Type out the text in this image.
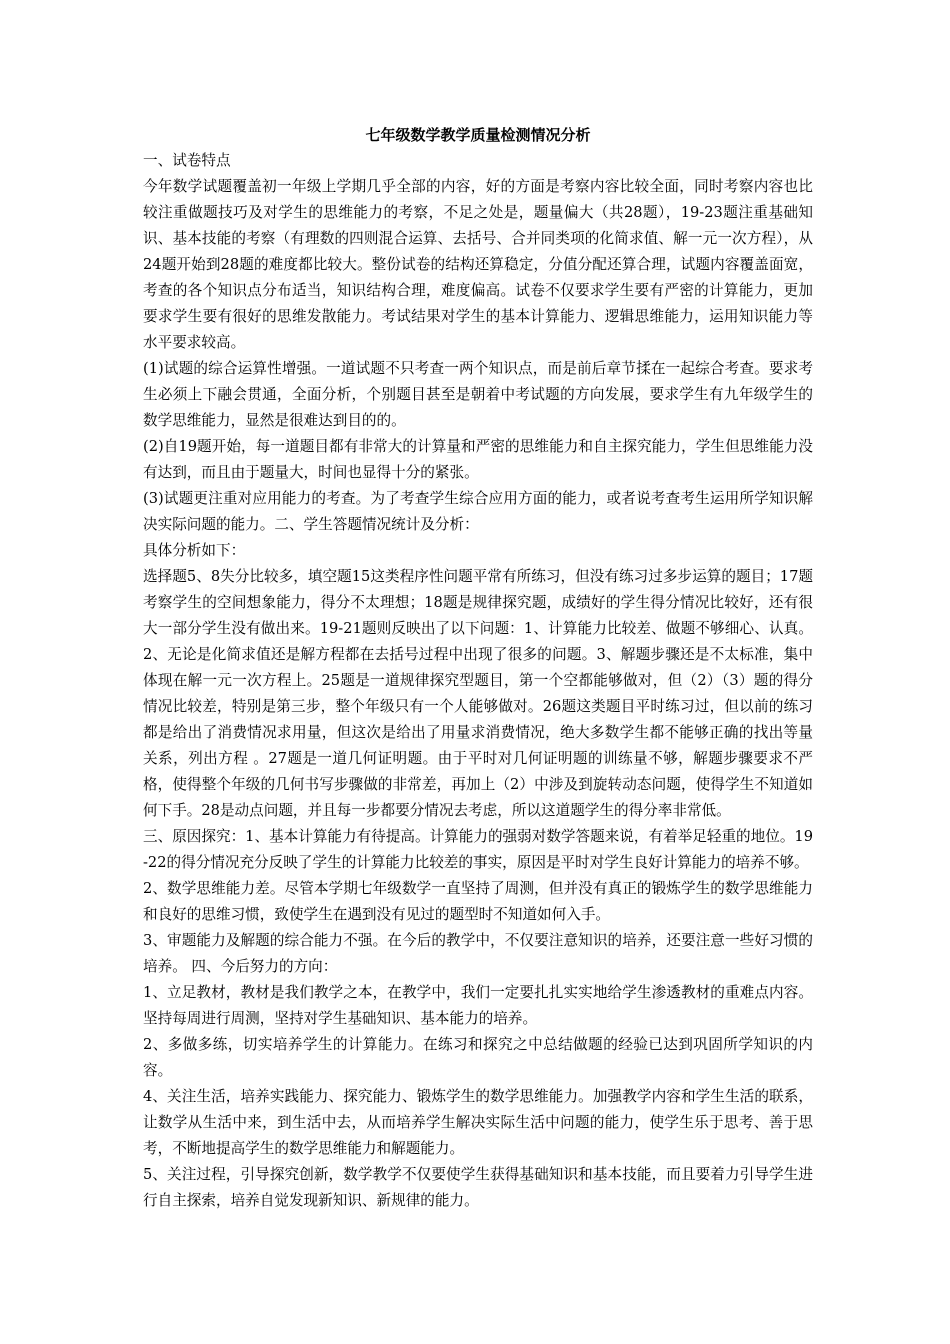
七年级数学教学质量检测情况分析

一、试卷特点

今年数学试题覆盖初一年级上学期几乎全部的内容，好的方面是考察内容比较全面，同时考察内容也比较注重做题技巧及对学生的思维能力的考察，不足之处是，题量偏大（共28题），19-23题注重基础知识、基本技能的考察（有理数的四则混合运算、去括号、合并同类项的化简求值、解一元一次方程），从24题开始到28题的难度都比较大。整份试卷的结构还算稳定，分值分配还算合理，试题内容覆盖面宽，考查的各个知识点分布适当，知识结构合理，难度偏高。试卷不仅要求学生要有严密的计算能力，更加要求学生要有很好的思维发散能力。考试结果对学生的基本计算能力、逻辑思维能力，运用知识能力等水平要求较高。

(1)试题的综合运算性增强。一道试题不只考查一两个知识点，而是前后章节揉在一起综合考查。要求考生必须上下融会贯通，全面分析，个别题目甚至是朝着中考试题的方向发展，要求学生有九年级学生的数学思维能力，显然是很难达到目的的。

(2)自19题开始，每一道题目都有非常大的计算量和严密的思维能力和自主探究能力，学生但思维能力没有达到，而且由于题量大，时间也显得十分的紧张。

(3)试题更注重对应用能力的考查。为了考查学生综合应用方面的能力，或者说考查考生运用所学知识解决实际问题的能力。二、学生答题情况统计及分析：

具体分析如下：

选择题5、8失分比较多，填空题15这类程序性问题平常有所练习，但没有练习过多步运算的题目；17题考察学生的空间想象能力，得分不太理想；18题是规律探究题，成绩好的学生得分情况比较好，还有很大一部分学生没有做出来。19-21题则反映出了以下问题：1、计算能力比较差、做题不够细心、认真。2、无论是化简求值还是解方程都在去括号过程中出现了很多的问题。3、解题步骤还是不太标准，集中体现在解一元一次方程上。25题是一道规律探究型题目，第一个空都能够做对，但（2）（3）题的得分情况比较差，特别是第三步，整个年级只有一个人能够做对。26题这类题目平时练习过，但以前的练习都是给出了消费情况求用量，但这次是给出了用量求消费情况，绝大多数学生都不能够正确的找出等量关系，列出方程 。27题是一道几何证明题。由于平时对几何证明题的训练量不够，解题步骤要求不严格，使得整个年级的几何书写步骤做的非常差，再加上（2）中涉及到旋转动态问题，使得学生不知道如何下手。28是动点问题，并且每一步都要分情况去考虑，所以这道题学生的得分率非常低。

三、原因探究：1、基本计算能力有待提高。计算能力的强弱对数学答题来说，有着举足轻重的地位。19-22的得分情况充分反映了学生的计算能力比较差的事实，原因是平时对学生良好计算能力的培养不够。

2、数学思维能力差。尽管本学期七年级数学一直坚持了周测，但并没有真正的锻炼学生的数学思维能力和良好的思维习惯，致使学生在遇到没有见过的题型时不知道如何入手。

3、审题能力及解题的综合能力不强。在今后的教学中，不仅要注意知识的培养，还要注意一些好习惯的培养。 四、今后努力的方向：

1、立足教材，教材是我们教学之本，在教学中，我们一定要扎扎实实地给学生渗透教材的重难点内容。坚持每周进行周测，坚持对学生基础知识、基本能力的培养。

2、多做多练，切实培养学生的计算能力。在练习和探究之中总结做题的经验已达到巩固所学知识的内容。

4、关注生活，培养实践能力、探究能力、锻炼学生的数学思维能力。加强教学内容和学生生活的联系，让数学从生活中来，到生活中去，从而培养学生解决实际生活中问题的能力，使学生乐于思考、善于思考，不断地提高学生的数学思维能力和解题能力。

5、关注过程，引导探究创新，数学教学不仅要使学生获得基础知识和基本技能，而且要着力引导学生进行自主探索，培养自觉发现新知识、新规律的能力。
